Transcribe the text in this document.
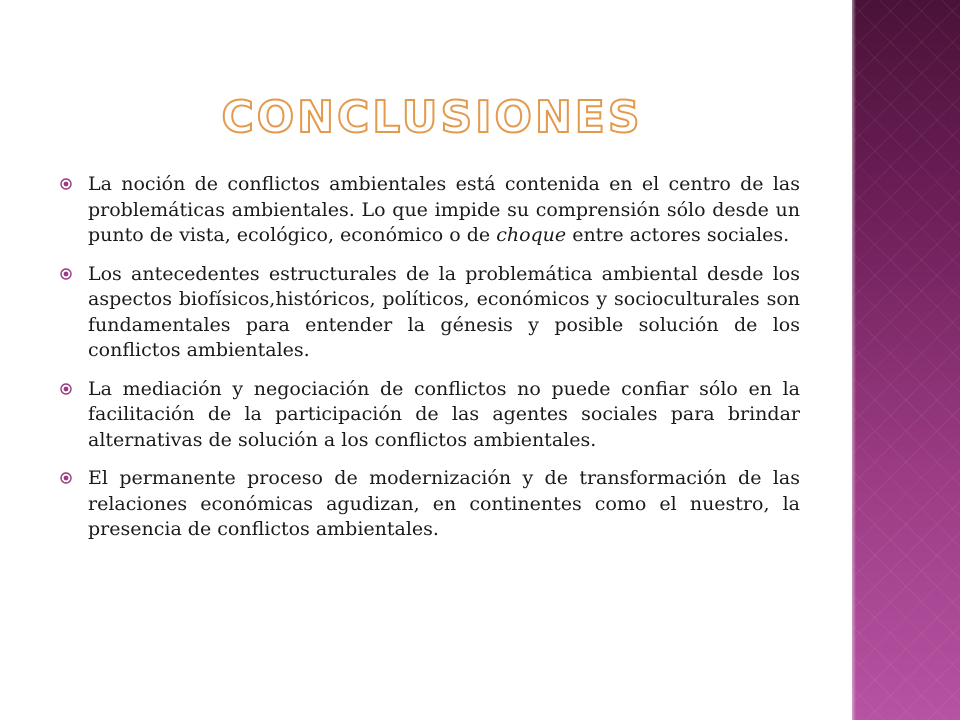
CONCLUSIONES
La noción de conflictos ambientales está contenida en el centro de las problemáticas ambientales. Lo que impide su comprensión sólo desde un punto de vista, ecológico, económico o de choque entre actores sociales.
Los antecedentes estructurales de la problemática ambiental desde los aspectos biofísicos,históricos, políticos, económicos y socioculturales son fundamentales para entender la génesis y posible solución de los conflictos ambientales.
La mediación y negociación de conflictos no puede confiar sólo en la facilitación de la participación de las agentes sociales para brindar alternativas de solución a los conflictos ambientales.
El permanente proceso de modernización y de transformación de las relaciones económicas agudizan, en continentes como el nuestro, la presencia de conflictos ambientales.
